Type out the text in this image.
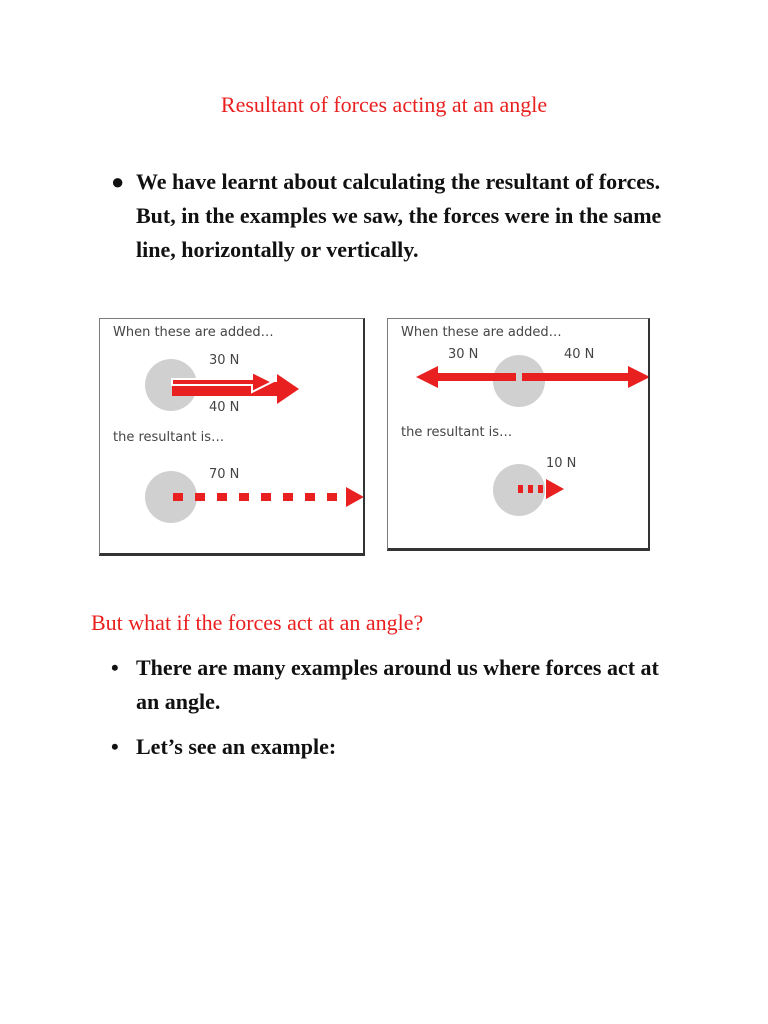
Resultant of forces acting at an angle
● We have learnt about calculating the resultant of forces. But, in the examples we saw, the forces were in the same line, horizontally or vertically.
When these are added…
30 N
40 N
the resultant is…
70 N
When these are added…
30 N	40 N
the resultant is…
10 N
But what if the forces act at an angle?
• There are many examples around us where forces act at an angle.
• Let’s see an example:
